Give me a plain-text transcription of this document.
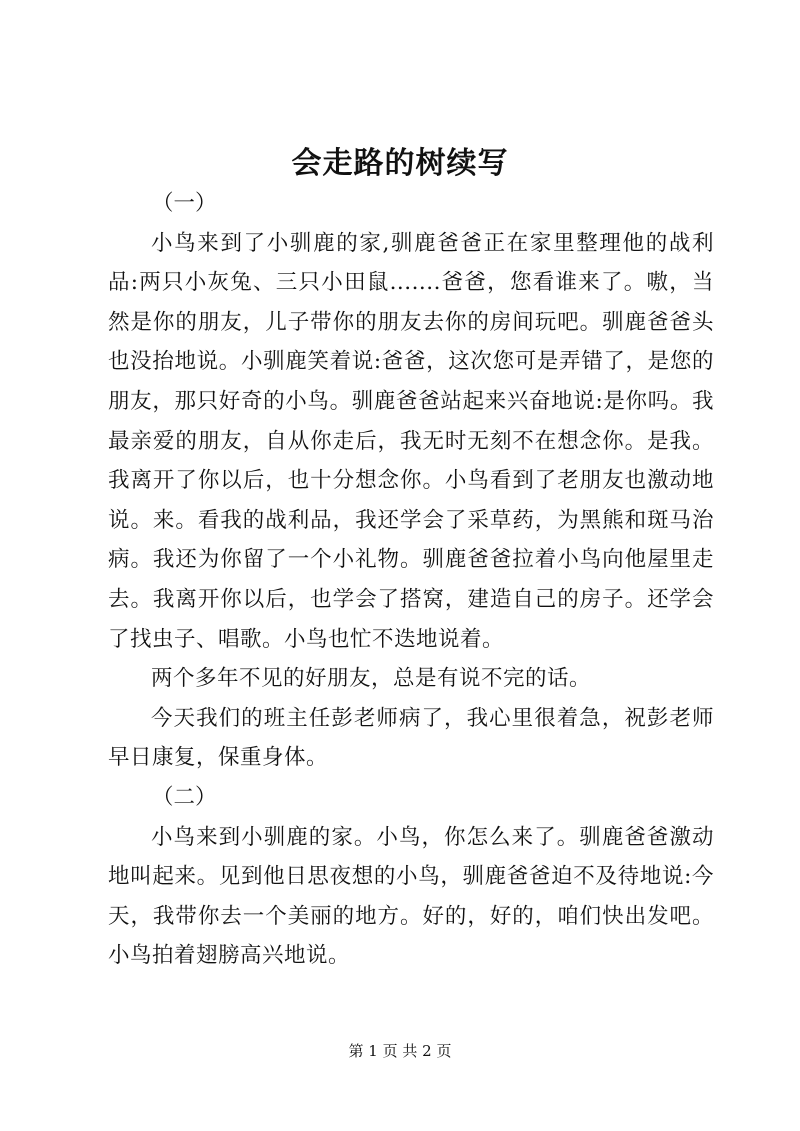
会走路的树续写

（一）

小鸟来到了小驯鹿的家,驯鹿爸爸正在家里整理他的战利品:两只小灰兔、三只小田鼠.......爸爸，您看谁来了。嗷，当然是你的朋友，儿子带你的朋友去你的房间玩吧。驯鹿爸爸头也没抬地说。小驯鹿笑着说:爸爸，这次您可是弄错了，是您的朋友，那只好奇的小鸟。驯鹿爸爸站起来兴奋地说:是你吗。我最亲爱的朋友，自从你走后，我无时无刻不在想念你。是我。我离开了你以后，也十分想念你。小鸟看到了老朋友也激动地说。来。看我的战利品，我还学会了采草药，为黑熊和斑马治病。我还为你留了一个小礼物。驯鹿爸爸拉着小鸟向他屋里走去。我离开你以后，也学会了搭窝，建造自己的房子。还学会了找虫子、唱歌。小鸟也忙不迭地说着。

两个多年不见的好朋友，总是有说不完的话。

今天我们的班主任彭老师病了，我心里很着急，祝彭老师早日康复，保重身体。

（二）

小鸟来到小驯鹿的家。小鸟，你怎么来了。驯鹿爸爸激动地叫起来。见到他日思夜想的小鸟，驯鹿爸爸迫不及待地说:今天，我带你去一个美丽的地方。好的，好的，咱们快出发吧。小鸟拍着翅膀高兴地说。

第 1 页 共 2 页
